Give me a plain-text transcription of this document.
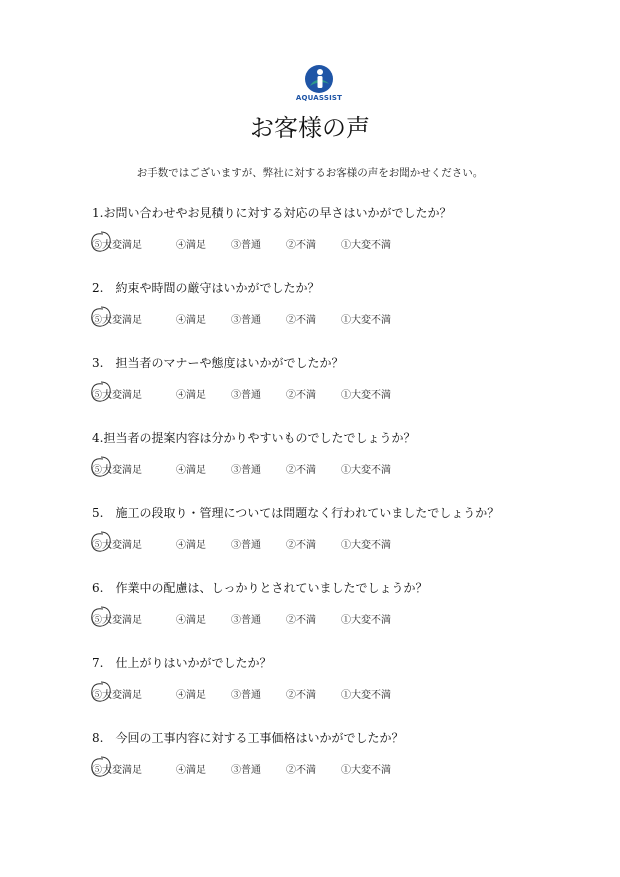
AQUASSIST
お客様の声
お手数ではございますが、弊社に対するお客様の声をお聞かせください。
1.お問い合わせやお見積りに対する対応の早さはいかがでしたか？
⑤大変満足	④満足	③普通	②不満	①大変不満
2.　約束や時間の厳守はいかがでしたか？
⑤大変満足	④満足	③普通	②不満	①大変不満
3.　担当者のマナーや態度はいかがでしたか？
⑤大変満足	④満足	③普通	②不満	①大変不満
4.担当者の提案内容は分かりやすいものでしたでしょうか？
⑤大変満足	④満足	③普通	②不満	①大変不満
5.　施工の段取り・管理については問題なく行われていましたでしょうか？
⑤大変満足	④満足	③普通	②不満	①大変不満
6.　作業中の配慮は、しっかりとされていましたでしょうか？
⑤大変満足	④満足	③普通	②不満	①大変不満
7.　仕上がりはいかがでしたか？
⑤大変満足	④満足	③普通	②不満	①大変不満
8.　今回の工事内容に対する工事価格はいかがでしたか？
⑤大変満足	④満足	③普通	②不満	①大変不満
